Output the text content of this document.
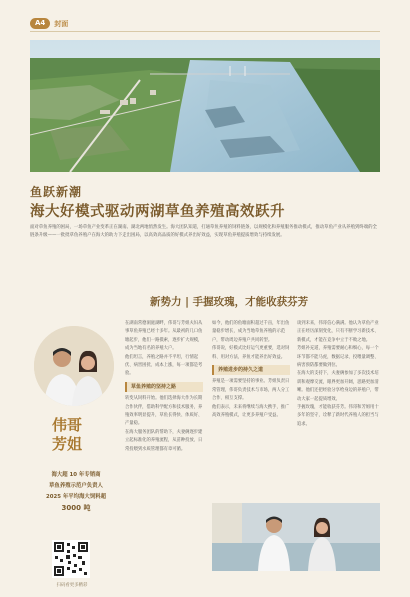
A4	封面
鱼跃新潮
海大好模式驱动两湖草鱼养殖高效跃升
面对草鱼养殖的困局，一场草鱼产业变革正在湖南、湖北两地悄然发生。海大团队知道，打通草鱼养殖的饲料链条，以规模化和养殖服务推动模式，推动草鱼产业从养殖到终端的全链条升级——一批批草鱼养殖户在海大的助力下走出困局，以高效高品质的好模式养出好效益，实现草鱼养殖提质增效与持续发展。
伟哥
芳姐
海大超 10 年专销商
草鱼养殖示范户负责人
2025 年平均海大饲料超
3000 吨
扫码看更多精彩
新势力 | 手握玫瑰，才能收获芬芳

在湖南常德洞庭湖畔，伟哥与芳姐夫妇从事草鱼养殖已经十多年。从最初的几口鱼塘起步，他们一路摸索，逐步扩大规模，成为当地有名的养殖大户。

他们坦言，养殖之路并不平坦，行情起伏、病害困扰、成本上涨，每一项都是考验。

草鱼养殖的坚持之路

转变从饲料开始。他们选择海大作为长期合作伙伴，借助科学配方和技术服务，养殖效率明显提升，草鱼长得快、体质好、产量稳。

在海大服务团队的帮助下，夫妻俩逐步建立起标准化的养殖流程，从苗种投放、日常投喂到水质管理都有章可循。

如今，他们的鱼塘面积超过千亩，年出鱼量稳步增长，成为当地草鱼养殖的示范户，带动周边养殖户共同转型。

伟哥说，好模式比好运气更重要，选对饲料、用对方法，养鱼才能养出好效益。

养殖进步的持久之道

养殖是一项需要坚持的事业。芳姐负责日常管理，伟哥负责技术与市场，两人分工合作、相互支撑。

他们表示，未来将继续与海大携手，推广高效养殖模式，让更多养殖户受益。

谈到未来，伟哥信心满满。他认为草鱼产业正在经历深刻变化，只有不断学习新技术、新模式，才能在竞争中立于不败之地。

芳姐补充道，养殖需要耐心和细心，每一个环节都不能马虎，数据记录、投喂量调整、病害预防都要做到位。

在海大的支持下，夫妻俩参加了多次技术培训和观摩交流，眼界更加开阔，思路更加清晰。他们还把经验分享给身边的养殖户，带动大家一起提质增效。

手握玫瑰，才能收获芬芳。伟哥和芳姐用十多年的坚守，诠释了新时代养殖人的担当与追求。
